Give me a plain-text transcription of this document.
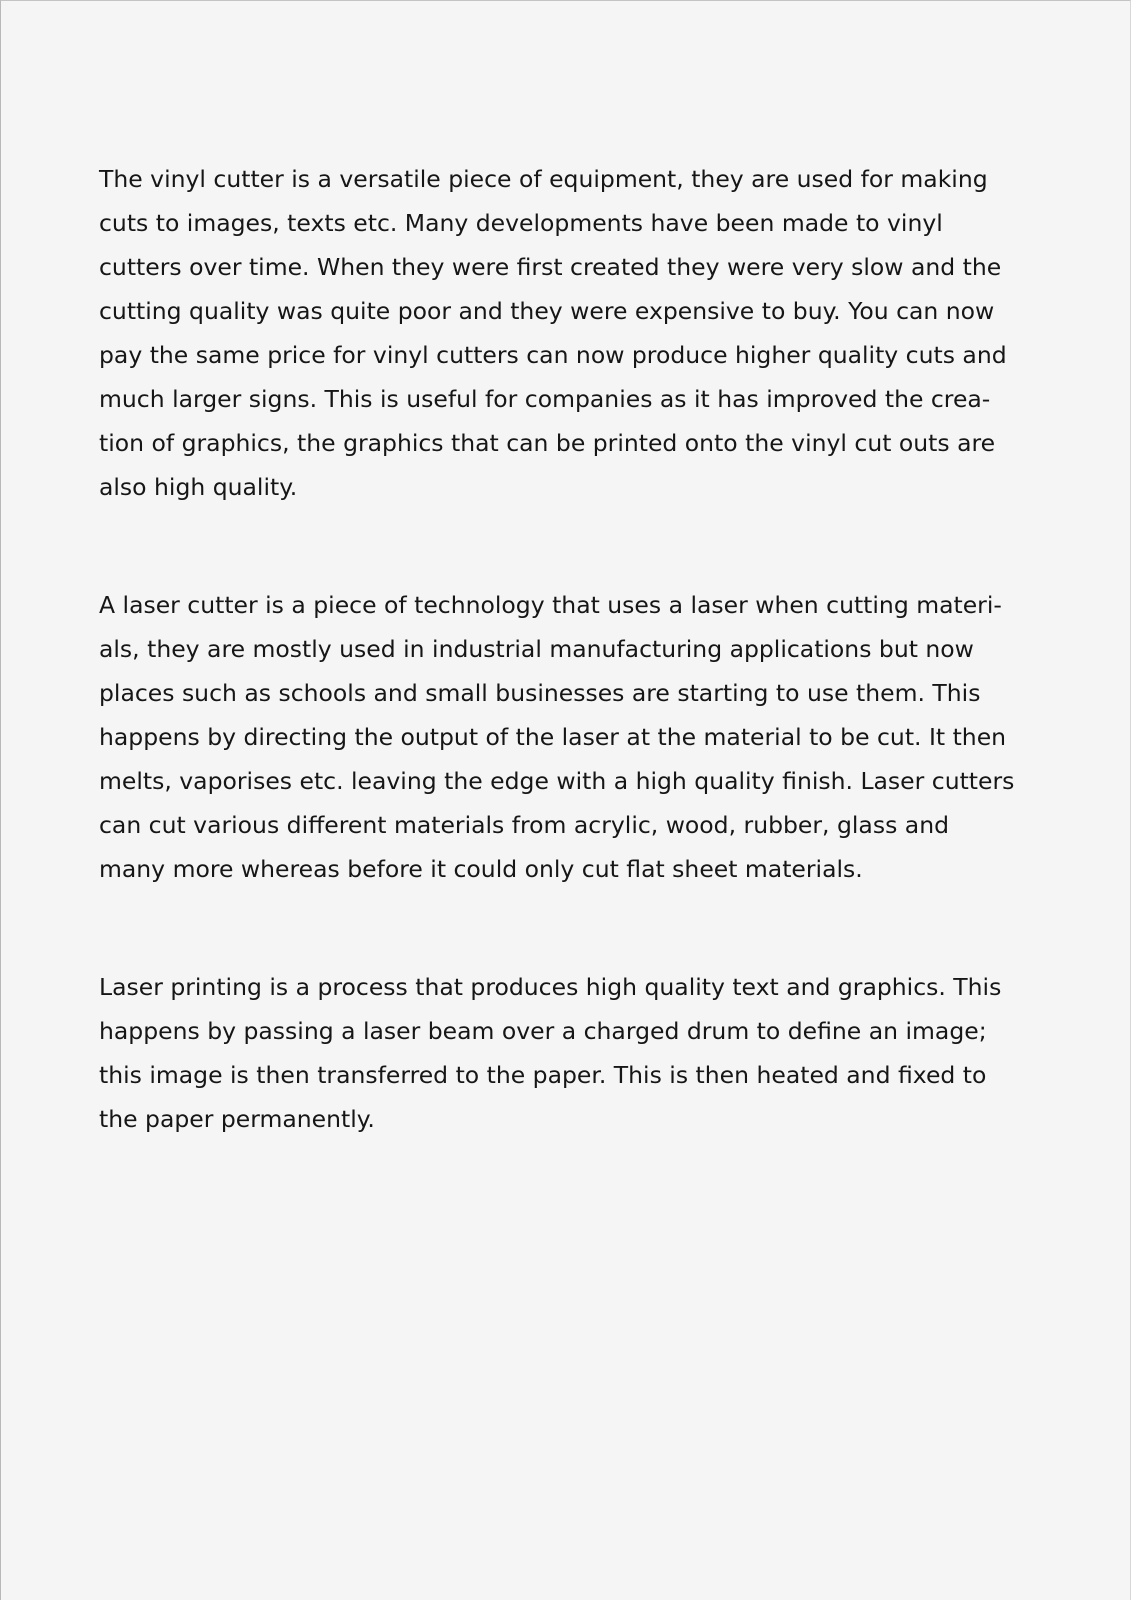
The vinyl cutter is a versatile piece of equipment, they are used for making
cuts to images, texts etc. Many developments have been made to vinyl
cutters over time. When they were first created they were very slow and the
cutting quality was quite poor and they were expensive to buy. You can now
pay the same price for vinyl cutters can now produce higher quality cuts and
much larger signs. This is useful for companies as it has improved the crea-
tion of graphics, the graphics that can be printed onto the vinyl cut outs are
also high quality.

A laser cutter is a piece of technology that uses a laser when cutting materi-
als, they are mostly used in industrial manufacturing applications but now
places such as schools and small businesses are starting to use them. This
happens by directing the output of the laser at the material to be cut. It then
melts, vaporises etc. leaving the edge with a high quality finish. Laser cutters
can cut various different materials from acrylic, wood, rubber, glass and
many more whereas before it could only cut flat sheet materials.

Laser printing is a process that produces high quality text and graphics. This
happens by passing a laser beam over a charged drum to define an image;
this image is then transferred to the paper. This is then heated and fixed to
the paper permanently.
